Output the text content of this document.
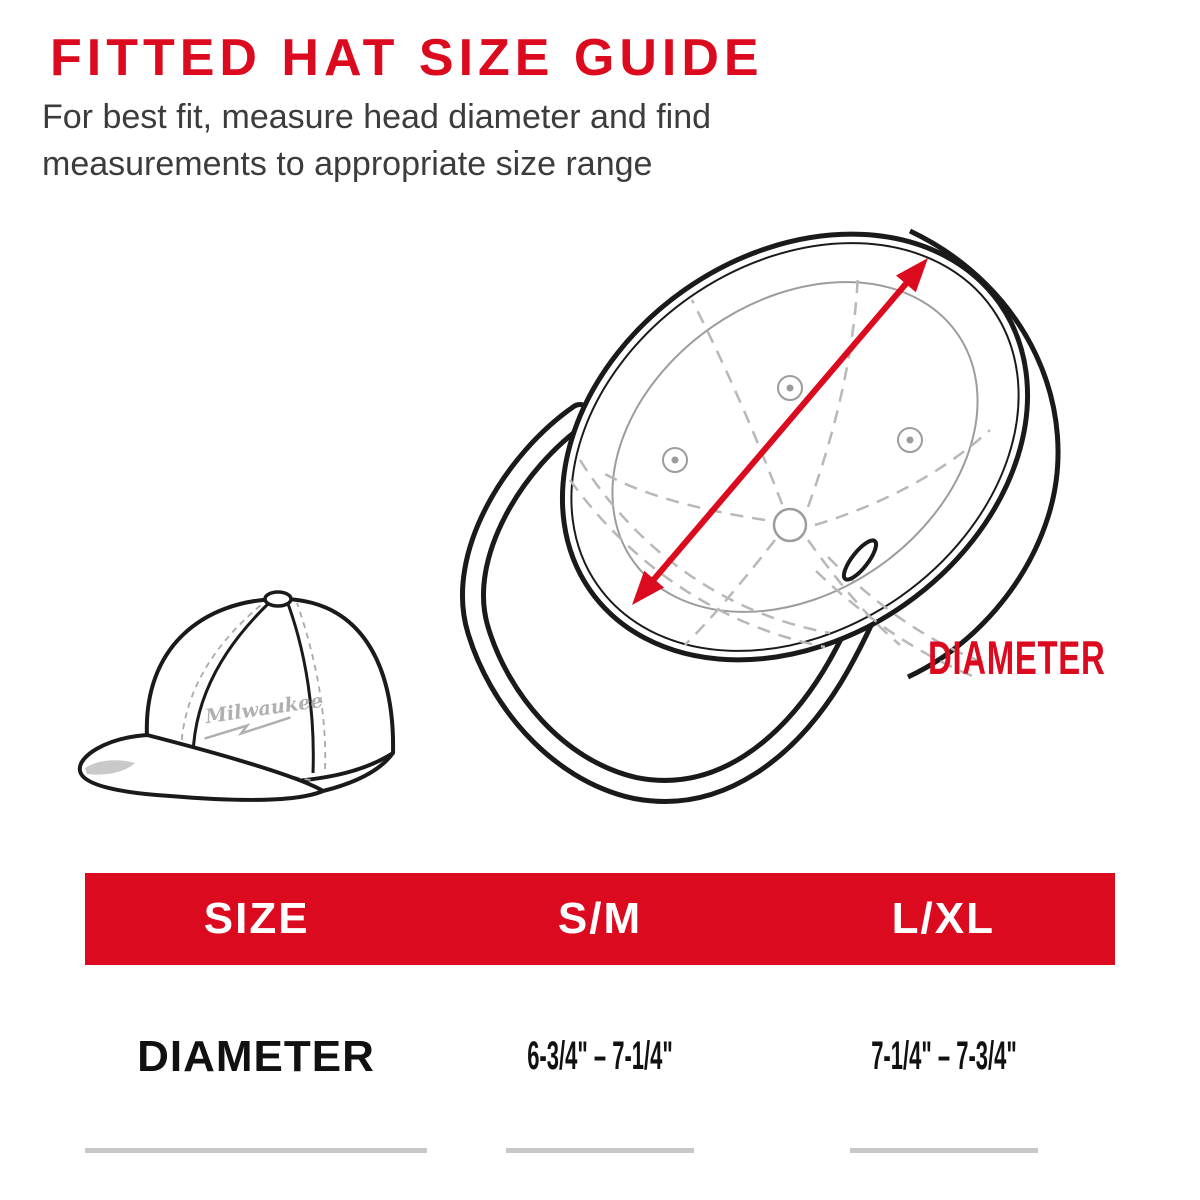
FITTED HAT SIZE GUIDE
For best fit, measure head diameter and find
measurements to appropriate size range
DIAMETER
Milwaukee
SIZE	S/M	L/XL
DIAMETER	6-3/4" – 7-1/4"	7-1/4" – 7-3/4"
